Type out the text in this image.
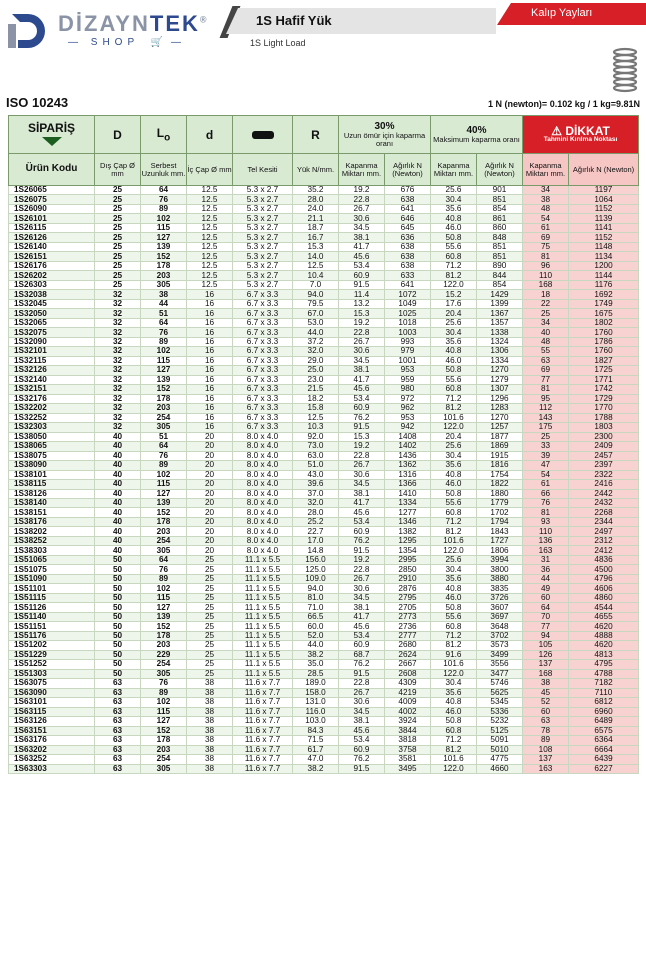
DİZAYNTEK®
— SHOP 🛒 —
1S Hafif Yük
1S Light Load
Kalıp Yayları
ISO 10243	1 N (newton)= 0.102 kg / 1 kg=9.81N
SİPARİŞ	D	$L_o$	d		R	30%
Uzun ömür için kaparma oranı		40%
Maksimum kaparma oranı		⚠ DİKKAT
Tahmini Kırılma Noktası	

Ürün Kodu	Dış Çap Ø mm	Serbest Uzunluk mm.	İç Çap Ø mm	Tel Kesiti	Yük N/mm.	Kapanma Miktarı mm.	Ağırlık N (Newton)	Kapanma Miktarı mm.	Ağırlık N (Newton)	Kapanma Miktarı mm.	Ağırlık N (Newton)
1S26065	25	64	12.5	5.3 x 2.7	35.2	19.2	676	25.6	901	34	1197
1S26075	25	76	12.5	5.3 x 2.7	28.0	22.8	638	30.4	851	38	1064
1S26090	25	89	12.5	5.3 x 2.7	24.0	26.7	641	35.6	854	48	1152
1S26101	25	102	12.5	5.3 x 2.7	21.1	30.6	646	40.8	861	54	1139
1S26115	25	115	12.5	5.3 x 2.7	18.7	34.5	645	46.0	860	61	1141
1S26126	25	127	12.5	5.3 x 2.7	16.7	38.1	636	50.8	848	69	1152
1S26140	25	139	12.5	5.3 x 2.7	15.3	41.7	638	55.6	851	75	1148
1S26151	25	152	12.5	5.3 x 2.7	14.0	45.6	638	60.8	851	81	1134
1S26176	25	178	12.5	5.3 x 2.7	12.5	53.4	638	71.2	890	96	1200
1S26202	25	203	12.5	5.3 x 2.7	10.4	60.9	633	81.2	844	110	1144
1S26303	25	305	12.5	5.3 x 2.7	7.0	91.5	641	122.0	854	168	1176
1S32038	32	38	16	6.7 x 3.3	94.0	11.4	1072	15.2	1429	18	1692
1S32045	32	44	16	6.7 x 3.3	79.5	13.2	1049	17.6	1399	22	1749
1S32050	32	51	16	6.7 x 3.3	67.0	15.3	1025	20.4	1367	25	1675
1S32065	32	64	16	6.7 x 3.3	53.0	19.2	1018	25.6	1357	34	1802
1S32075	32	76	16	6.7 x 3.3	44.0	22.8	1003	30.4	1338	40	1760
1S32090	32	89	16	6.7 x 3.3	37.2	26.7	993	35.6	1324	48	1786
1S32101	32	102	16	6.7 x 3.3	32.0	30.6	979	40.8	1306	55	1760
1S32115	32	115	16	6.7 x 3.3	29.0	34.5	1001	46.0	1334	63	1827
1S32126	32	127	16	6.7 x 3.3	25.0	38.1	953	50.8	1270	69	1725
1S32140	32	139	16	6.7 x 3.3	23.0	41.7	959	55.6	1279	77	1771
1S32151	32	152	16	6.7 x 3.3	21.5	45.6	980	60.8	1307	81	1742
1S32176	32	178	16	6.7 x 3.3	18.2	53.4	972	71.2	1296	95	1729
1S32202	32	203	16	6.7 x 3.3	15.8	60.9	962	81.2	1283	112	1770
1S32252	32	254	16	6.7 x 3.3	12.5	76.2	953	101.6	1270	143	1788
1S32303	32	305	16	6.7 x 3.3	10.3	91.5	942	122.0	1257	175	1803
1S38050	40	51	20	8.0 x 4.0	92.0	15.3	1408	20.4	1877	25	2300
1S38065	40	64	20	8.0 x 4.0	73.0	19.2	1402	25.6	1869	33	2409
1S38075	40	76	20	8.0 x 4.0	63.0	22.8	1436	30.4	1915	39	2457
1S38090	40	89	20	8.0 x 4.0	51.0	26.7	1362	35.6	1816	47	2397
1S38101	40	102	20	8.0 x 4.0	43.0	30.6	1316	40.8	1754	54	2322
1S38115	40	115	20	8.0 x 4.0	39.6	34.5	1366	46.0	1822	61	2416
1S38126	40	127	20	8.0 x 4.0	37.0	38.1	1410	50.8	1880	66	2442
1S38140	40	139	20	8.0 x 4.0	32.0	41.7	1334	55.6	1779	76	2432
1S38151	40	152	20	8.0 x 4.0	28.0	45.6	1277	60.8	1702	81	2268
1S38176	40	178	20	8.0 x 4.0	25.2	53.4	1346	71.2	1794	93	2344
1S38202	40	203	20	8.0 x 4.0	22.7	60.9	1382	81.2	1843	110	2497
1S38252	40	254	20	8.0 x 4.0	17.0	76.2	1295	101.6	1727	136	2312
1S38303	40	305	20	8.0 x 4.0	14.8	91.5	1354	122.0	1806	163	2412
1S51065	50	64	25	11.1 x 5.5	156.0	19.2	2995	25.6	3994	31	4836
1S51075	50	76	25	11.1 x 5.5	125.0	22.8	2850	30.4	3800	36	4500
1S51090	50	89	25	11.1 x 5.5	109.0	26.7	2910	35.6	3880	44	4796
1S51101	50	102	25	11.1 x 5.5	94.0	30.6	2876	40.8	3835	49	4606
1S51115	50	115	25	11.1 x 5.5	81.0	34.5	2795	46.0	3726	60	4860
1S51126	50	127	25	11.1 x 5.5	71.0	38.1	2705	50.8	3607	64	4544
1S51140	50	139	25	11.1 x 5.5	66.5	41.7	2773	55.6	3697	70	4655
1S51151	50	152	25	11.1 x 5.5	60.0	45.6	2736	60.8	3648	77	4620
1S51176	50	178	25	11.1 x 5.5	52.0	53.4	2777	71.2	3702	94	4888
1S51202	50	203	25	11.1 x 5.5	44.0	60.9	2680	81.2	3573	105	4620
1S51229	50	229	25	11.1 x 5.5	38.2	68.7	2624	91.6	3499	126	4813
1S51252	50	254	25	11.1 x 5.5	35.0	76.2	2667	101.6	3556	137	4795
1S51303	50	305	25	11.1 x 5.5	28.5	91.5	2608	122.0	3477	168	4788
1S63075	63	76	38	11.6 x 7.7	189.0	22.8	4309	30.4	5746	38	7182
1S63090	63	89	38	11.6 x 7.7	158.0	26.7	4219	35.6	5625	45	7110
1S63101	63	102	38	11.6 x 7.7	131.0	30.6	4009	40.8	5345	52	6812
1S63115	63	115	38	11.6 x 7.7	116.0	34.5	4002	46.0	5336	60	6960
1S63126	63	127	38	11.6 x 7.7	103.0	38.1	3924	50.8	5232	63	6489
1S63151	63	152	38	11.6 x 7.7	84.3	45.6	3844	60.8	5125	78	6575
1S63176	63	178	38	11.6 x 7.7	71.5	53.4	3818	71.2	5091	89	6364
1S63202	63	203	38	11.6 x 7.7	61.7	60.9	3758	81.2	5010	108	6664
1S63252	63	254	38	11.6 x 7.7	47.0	76.2	3581	101.6	4775	137	6439
1S63303	63	305	38	11.6 x 7.7	38.2	91.5	3495	122.0	4660	163	6227
